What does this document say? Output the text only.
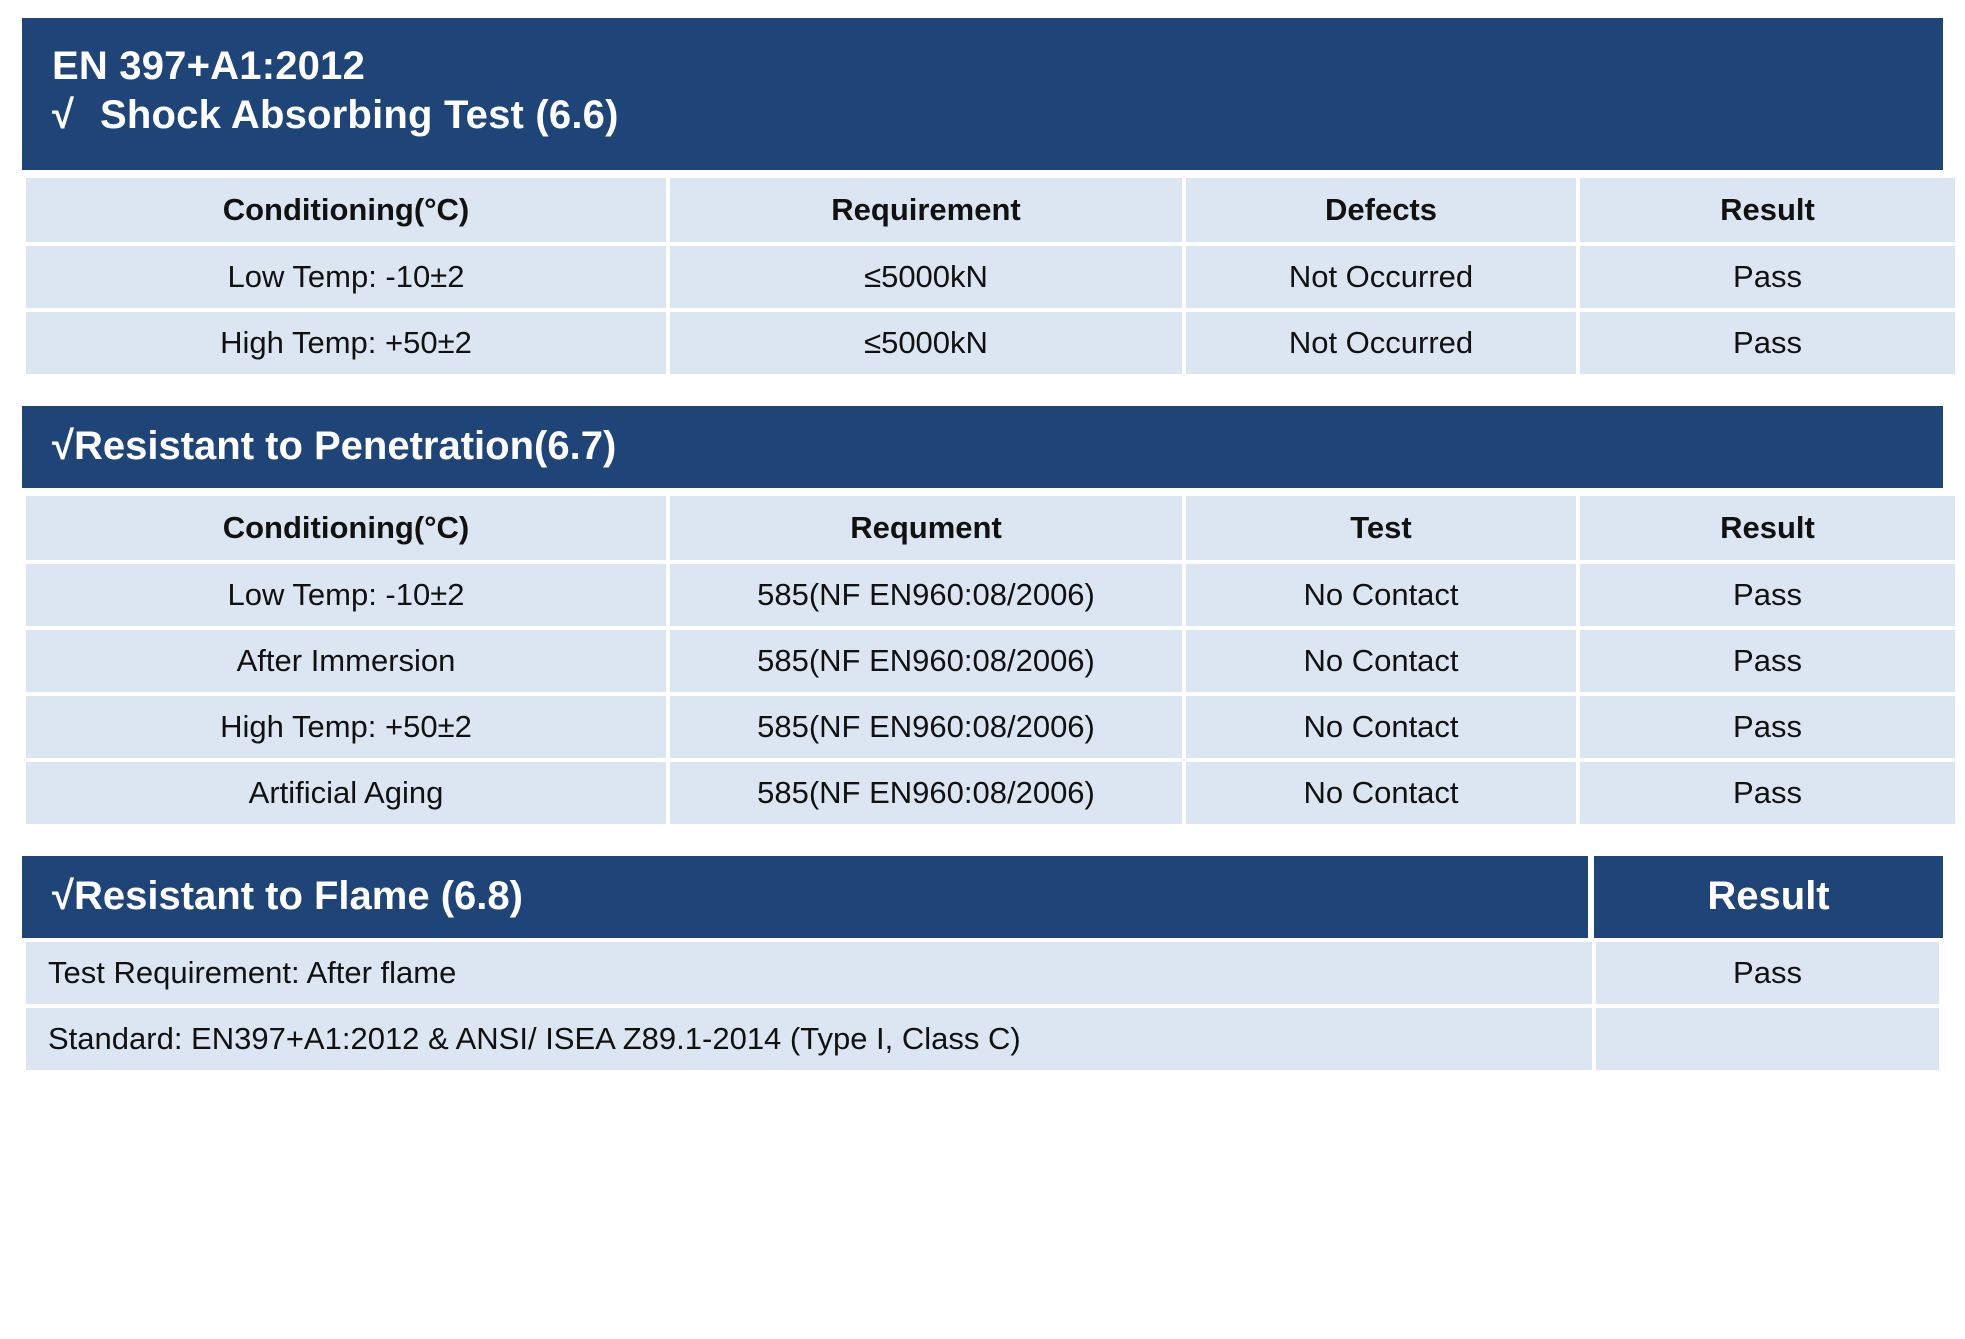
EN 397+A1:2012
√ Shock Absorbing Test (6.6)
Conditioning(°C)	Requirement	Defects	Result
Low Temp: -10±2	≤5000kN	Not Occurred	Pass
High Temp: +50±2	≤5000kN	Not Occurred	Pass
√Resistant to Penetration(6.7)
Conditioning(°C)	Requment	Test	Result
Low Temp: -10±2	585(NF EN960:08/2006)	No Contact	Pass
After Immersion	585(NF EN960:08/2006)	No Contact	Pass
High Temp: +50±2	585(NF EN960:08/2006)	No Contact	Pass
Artificial Aging	585(NF EN960:08/2006)	No Contact	Pass
√Resistant to Flame (6.8)	Result
Test Requirement: After flame	Pass
Standard: EN397+A1:2012 & ANSI/ ISEA Z89.1-2014 (Type I, Class C)	
